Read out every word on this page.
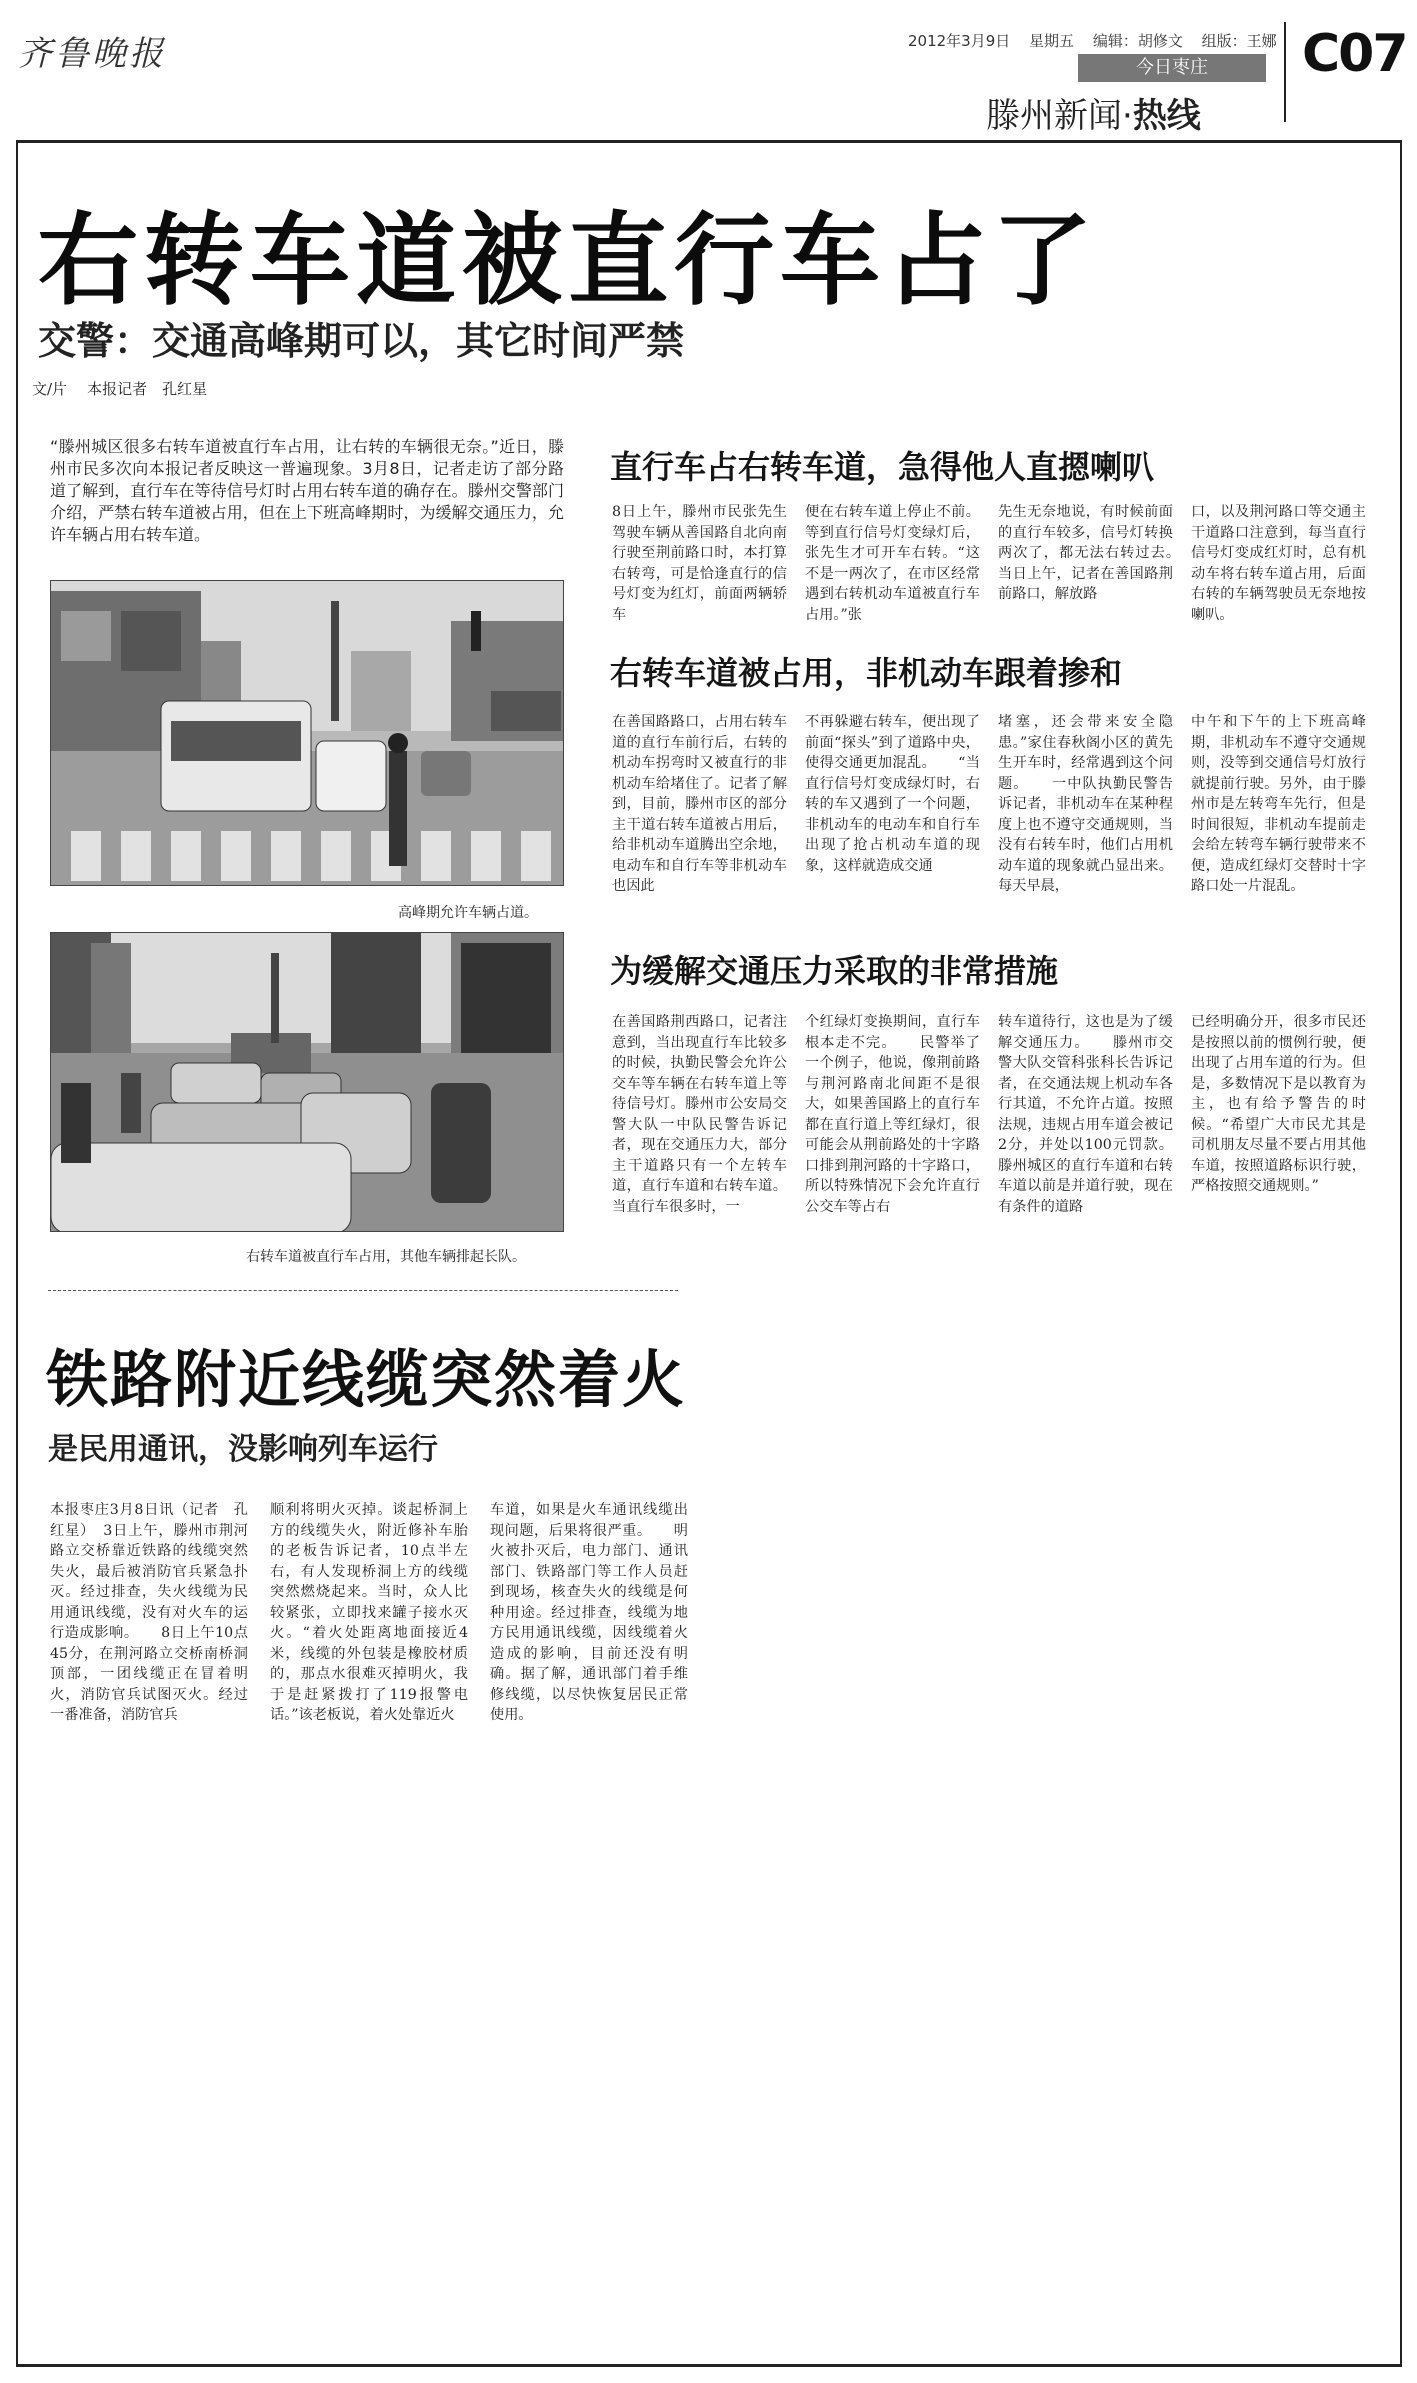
齐鲁晚报	2012年3月9日 星期五 编辑：胡修文 组版：王娜
今日枣庄
滕州新闻·热线
C07
右转车道被直行车占了
交警：交通高峰期可以，其它时间严禁
文/片 本报记者　孔红星

“滕州城区很多右转车道被直行车占用，让右转的车辆很无奈。”近日，滕州市民多次向本报记者反映这一普遍现象。3月8日，记者走访了部分路道了解到，直行车在等待信号灯时占用右转车道的确存在。滕州交警部门介绍，严禁右转车道被占用，但在上下班高峰期时，为缓解交通压力，允许车辆占用右转车道。

高峰期允许车辆占道。
右转车道被直行车占用，其他车辆排起长队。
直行车占右转车道，急得他人直摁喇叭

8日上午，滕州市民张先生驾驶车辆从善国路自北向南行驶至荆前路口时，本打算右转弯，可是恰逢直行的信号灯变为红灯，前面两辆轿车

便在右转车道上停止不前。等到直行信号灯变绿灯后，张先生才可开车右转。“这不是一两次了，在市区经常遇到右转机动车道被直行车占用。”张

先生无奈地说，有时候前面的直行车较多，信号灯转换两次了，都无法右转过去。　　当日上午，记者在善国路荆前路口，解放路

口，以及荆河路口等交通主干道路口注意到，每当直行信号灯变成红灯时，总有机动车将右转车道占用，后面右转的车辆驾驶员无奈地按喇叭。

右转车道被占用，非机动车跟着掺和

在善国路路口，占用右转车道的直行车前行后，右转的机动车拐弯时又被直行的非机动车给堵住了。记者了解到，目前，滕州市区的部分主干道右转车道被占用后，给非机动车道腾出空余地，电动车和自行车等非机动车也因此

不再躲避右转车，便出现了前面“探头”到了道路中央，使得交通更加混乱。　　“当直行信号灯变成绿灯时，右转的车又遇到了一个问题，非机动车的电动车和自行车出现了抢占机动车道的现象，这样就造成交通

堵塞，还会带来安全隐患。”家住春秋阁小区的黄先生开车时，经常遇到这个问题。　　一中队执勤民警告诉记者，非机动车在某种程度上也不遵守交通规则，当没有右转车时，他们占用机动车道的现象就凸显出来。每天早晨，

中午和下午的上下班高峰期，非机动车不遵守交通规则，没等到交通信号灯放行就提前行驶。另外，由于滕州市是左转弯车先行，但是时间很短，非机动车提前走会给左转弯车辆行驶带来不便，造成红绿灯交替时十字路口处一片混乱。

为缓解交通压力采取的非常措施

在善国路荆西路口，记者注意到，当出现直行车比较多的时候，执勤民警会允许公交车等车辆在右转车道上等待信号灯。滕州市公安局交警大队一中队民警告诉记者，现在交通压力大，部分主干道路只有一个左转车道，直行车道和右转车道。当直行车很多时，一

个红绿灯变换期间，直行车根本走不完。　　民警举了一个例子，他说，像荆前路与荆河路南北间距不是很大，如果善国路上的直行车都在直行道上等红绿灯，很可能会从荆前路处的十字路口排到荆河路的十字路口，所以特殊情况下会允许直行公交车等占右

转车道待行，这也是为了缓解交通压力。　　滕州市交警大队交管科张科长告诉记者，在交通法规上机动车各行其道，不允许占道。按照法规，违规占用车道会被记2分，并处以100元罚款。滕州城区的直行车道和右转车道以前是并道行驶，现在有条件的道路

已经明确分开，很多市民还是按照以前的惯例行驶，便出现了占用车道的行为。但是，多数情况下是以教育为主，也有给予警告的时候。“希望广大市民尤其是司机朋友尽量不要占用其他车道，按照道路标识行驶，严格按照交通规则。”

铁路附近线缆突然着火
是民用通讯，没影响列车运行

本报枣庄3月8日讯（记者　孔红星）　3日上午，滕州市荆河路立交桥靠近铁路的线缆突然失火，最后被消防官兵紧急扑灭。经过排查，失火线缆为民用通讯线缆，没有对火车的运行造成影响。　　8日上午10点45分，在荆河路立交桥南桥洞顶部，一团线缆正在冒着明火，消防官兵试图灭火。经过一番准备，消防官兵

顺利将明火灭掉。谈起桥洞上方的线缆失火，附近修补车胎的老板告诉记者，10点半左右，有人发现桥洞上方的线缆突然燃烧起来。当时，众人比较紧张，立即找来罐子接水灭火。“着火处距离地面接近4米，线缆的外包装是橡胶材质的，那点水很难灭掉明火，我于是赶紧拨打了119报警电话。”该老板说，着火处靠近火

车道，如果是火车通讯线缆出现问题，后果将很严重。　　明火被扑灭后，电力部门、通讯部门、铁路部门等工作人员赶到现场，核查失火的线缆是何种用途。经过排查，线缆为地方民用通讯线缆，因线缆着火造成的影响，目前还没有明确。据了解，通讯部门着手维修线缆，以尽快恢复居民正常使用。
